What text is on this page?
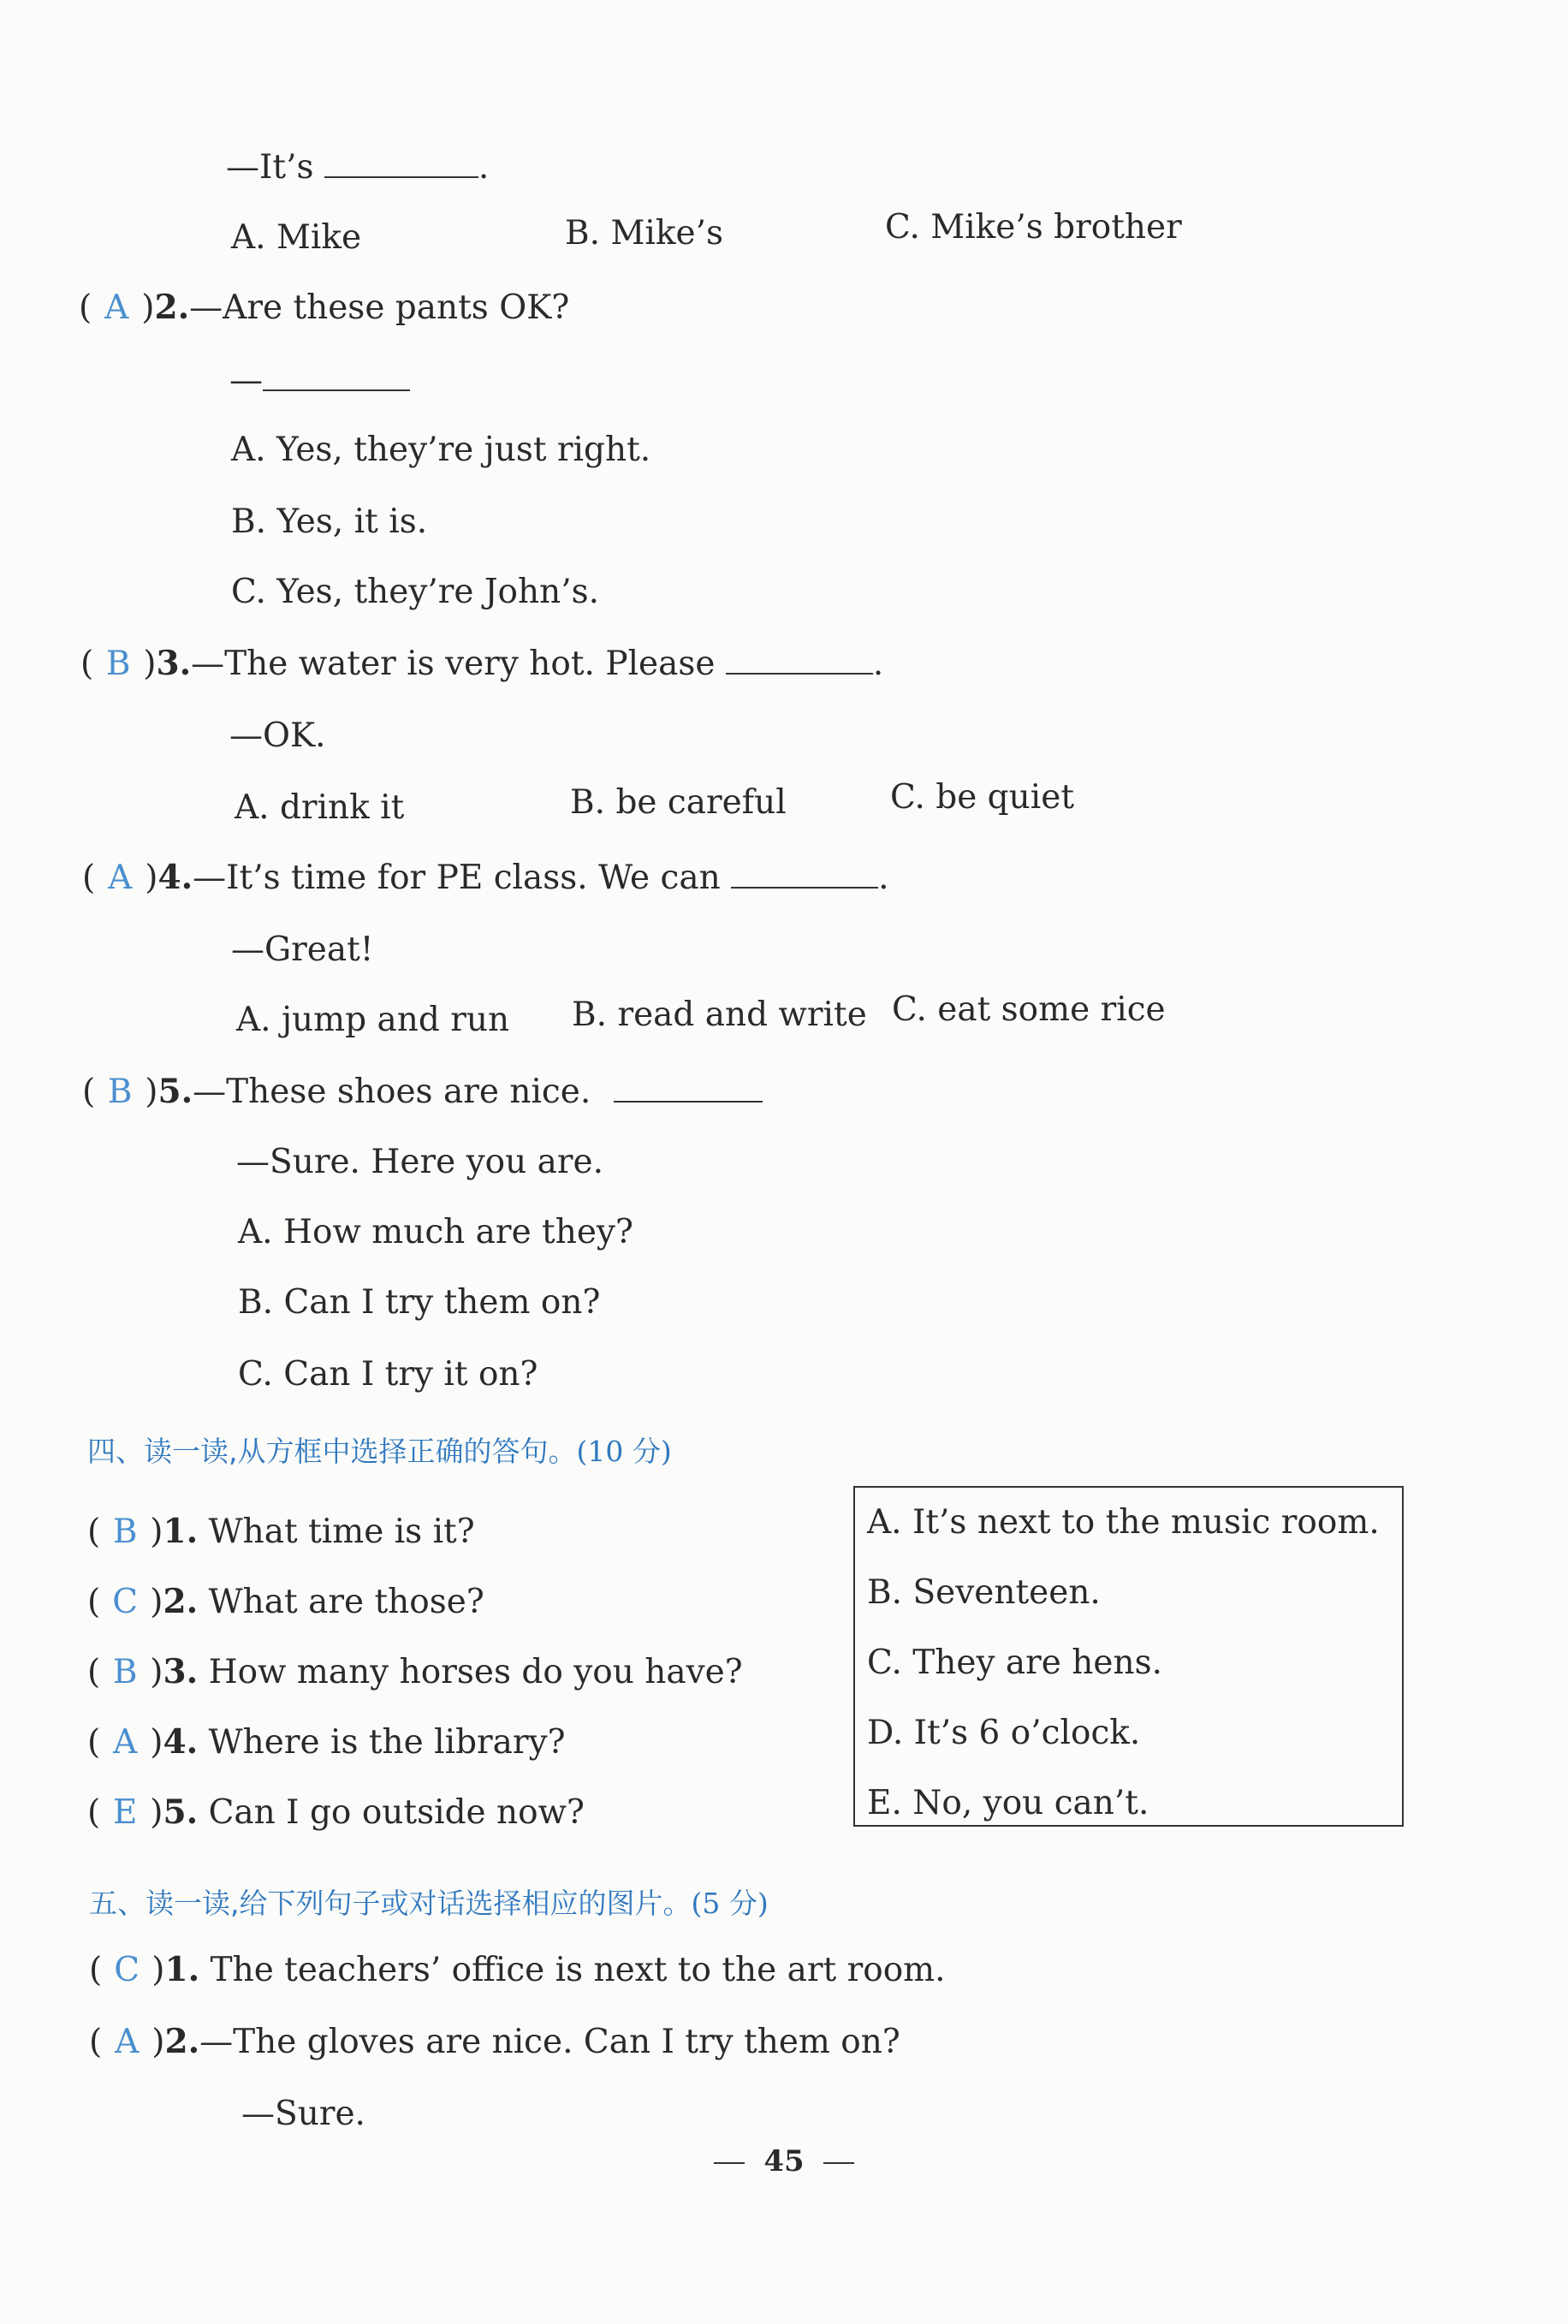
—It’s	.
A. Mike	B. Mike’s	C. Mike’s brother
( A )2.—Are these pants OK?
—
A. Yes, they’re just right.
B. Yes, it is.
C. Yes, they’re John’s.
( B )3.—The water is very hot. Please	.
—OK.
A. drink it	B. be careful	C. be quiet
( A )4.—It’s time for PE class. We can	.
—Great!
A. jump and run B. read and write C. eat some rice
( B )5.—These shoes are nice.
—Sure. Here you are.
A. How much are they?
B. Can I try them on?
C. Can I try it on?
四、读一读,从方框中选择正确的答句。(10 分)
( B )1. What time is it?
( C )2. What are those?
( B )3. How many horses do you have?
( A )4. Where is the library?
( E )5. Can I go outside now?
A. It’s next to the music room.
B. Seventeen.
C. They are hens.
D. It’s 6 o’clock.
E. No, you can’t.
五、读一读,给下列句子或对话选择相应的图片。(5 分)
( C )1. The teachers’ office is next to the art room.
( A )2.—The gloves are nice. Can I try them on?
—Sure.
45
